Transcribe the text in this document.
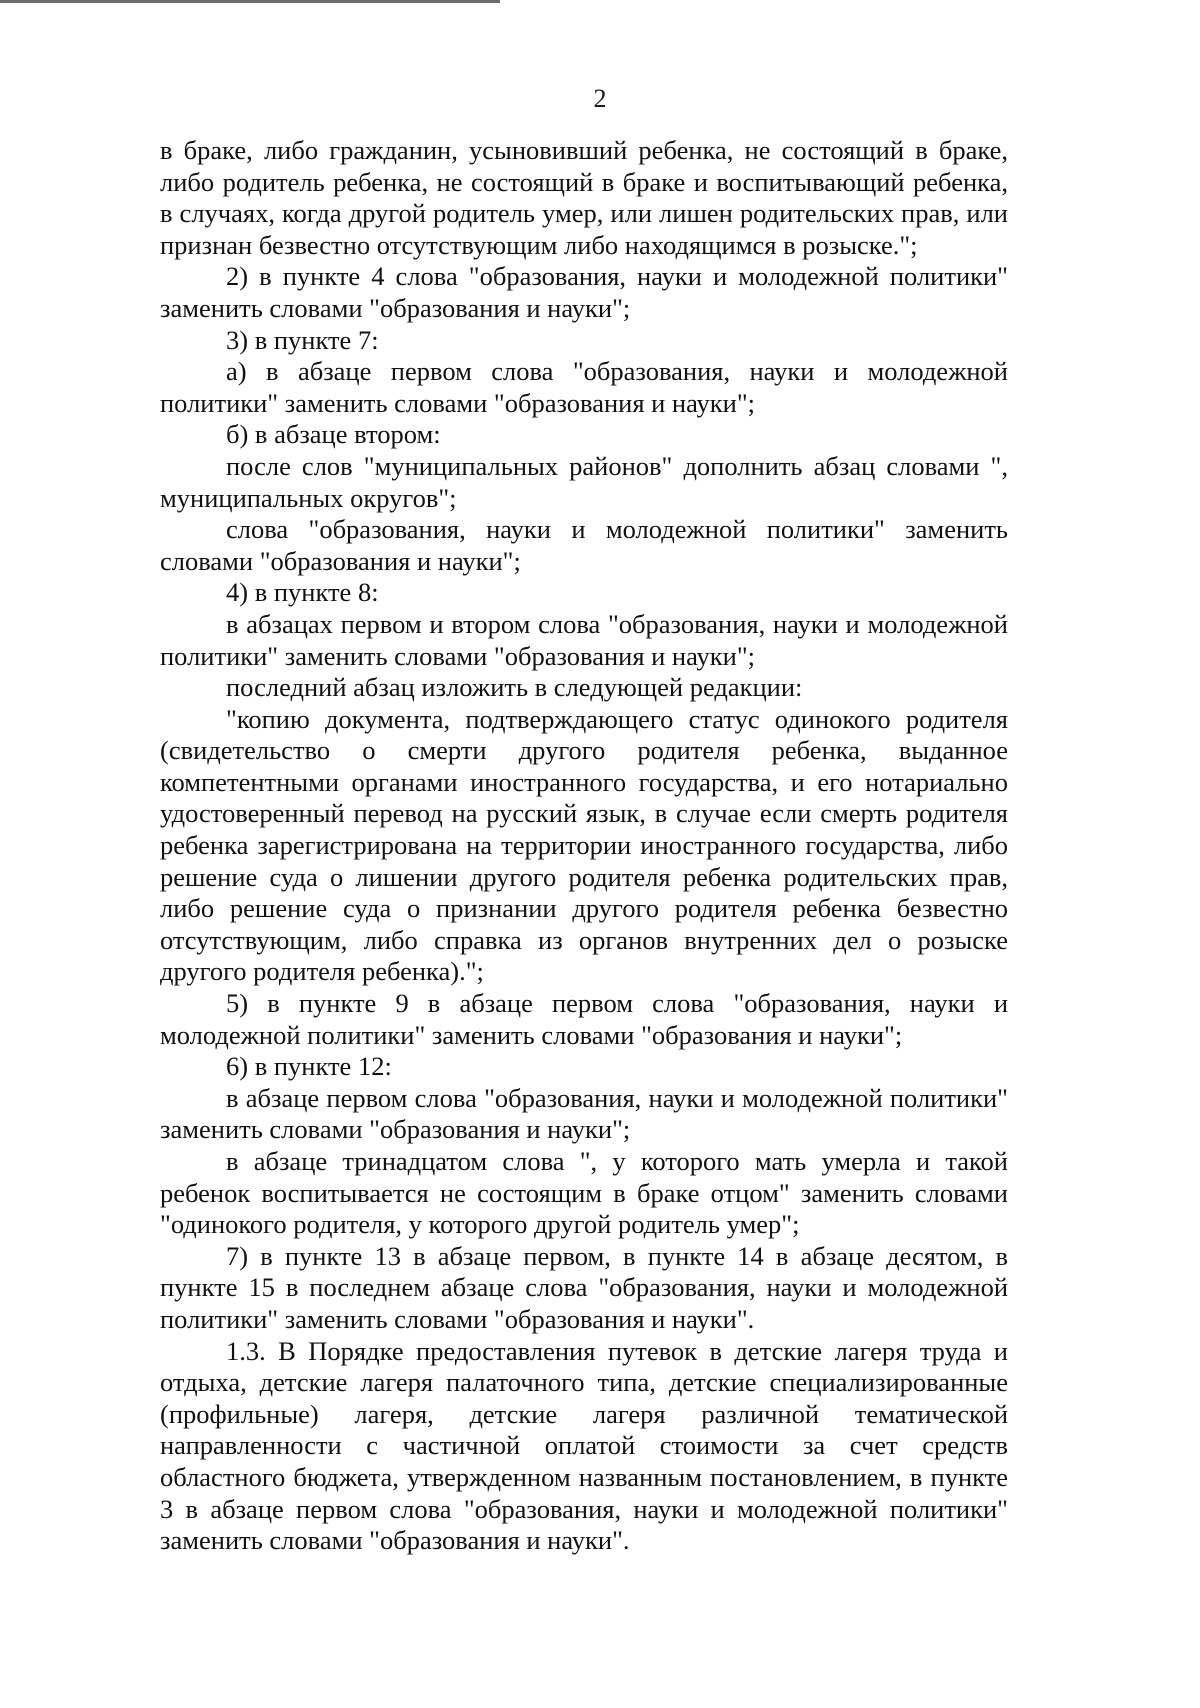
2

в браке, либо гражданин, усыновивший ребенка, не состоящий в браке, либо родитель ребенка, не состоящий в браке и воспитывающий ребенка, в случаях, когда другой родитель умер, или лишен родительских прав, или признан безвестно отсутствующим либо находящимся в розыске.";

2) в пункте 4 слова "образования, науки и молодежной политики" заменить словами "образования и науки";

3) в пункте 7:

а) в абзаце первом слова "образования, науки и молодежной политики" заменить словами "образования и науки";

б) в абзаце втором:

после слов "муниципальных районов" дополнить абзац словами ", муниципальных округов";

слова "образования, науки и молодежной политики" заменить словами "образования и науки";

4) в пункте 8:

в абзацах первом и втором слова "образования, науки и молодежной политики" заменить словами "образования и науки";

последний абзац изложить в следующей редакции:

"копию документа, подтверждающего статус одинокого родителя (свидетельство о смерти другого родителя ребенка, выданное компетентными органами иностранного государства, и его нотариально удостоверенный перевод на русский язык, в случае если смерть родителя ребенка зарегистрирована на территории иностранного государства, либо решение суда о лишении другого родителя ребенка родительских прав, либо решение суда о признании другого родителя ребенка безвестно отсутствующим, либо справка из органов внутренних дел о розыске другого родителя ребенка).";

5) в пункте 9 в абзаце первом слова "образования, науки и молодежной политики" заменить словами "образования и науки";

6) в пункте 12:

в абзаце первом слова "образования, науки и молодежной политики" заменить словами "образования и науки";

в абзаце тринадцатом слова ", у которого мать умерла и такой ребенок воспитывается не состоящим в браке отцом" заменить словами "одинокого родителя, у которого другой родитель умер";

7) в пункте 13 в абзаце первом, в пункте 14 в абзаце десятом, в пункте 15 в последнем абзаце слова "образования, науки и молодежной политики" заменить словами "образования и науки".

1.3. В Порядке предоставления путевок в детские лагеря труда и отдыха, детские лагеря палаточного типа, детские специализированные (профильные) лагеря, детские лагеря различной тематической направленности с частичной оплатой стоимости за счет средств областного бюджета, утвержденном названным постановлением, в пункте 3 в абзаце первом слова "образования, науки и молодежной политики" заменить словами "образования и науки".
